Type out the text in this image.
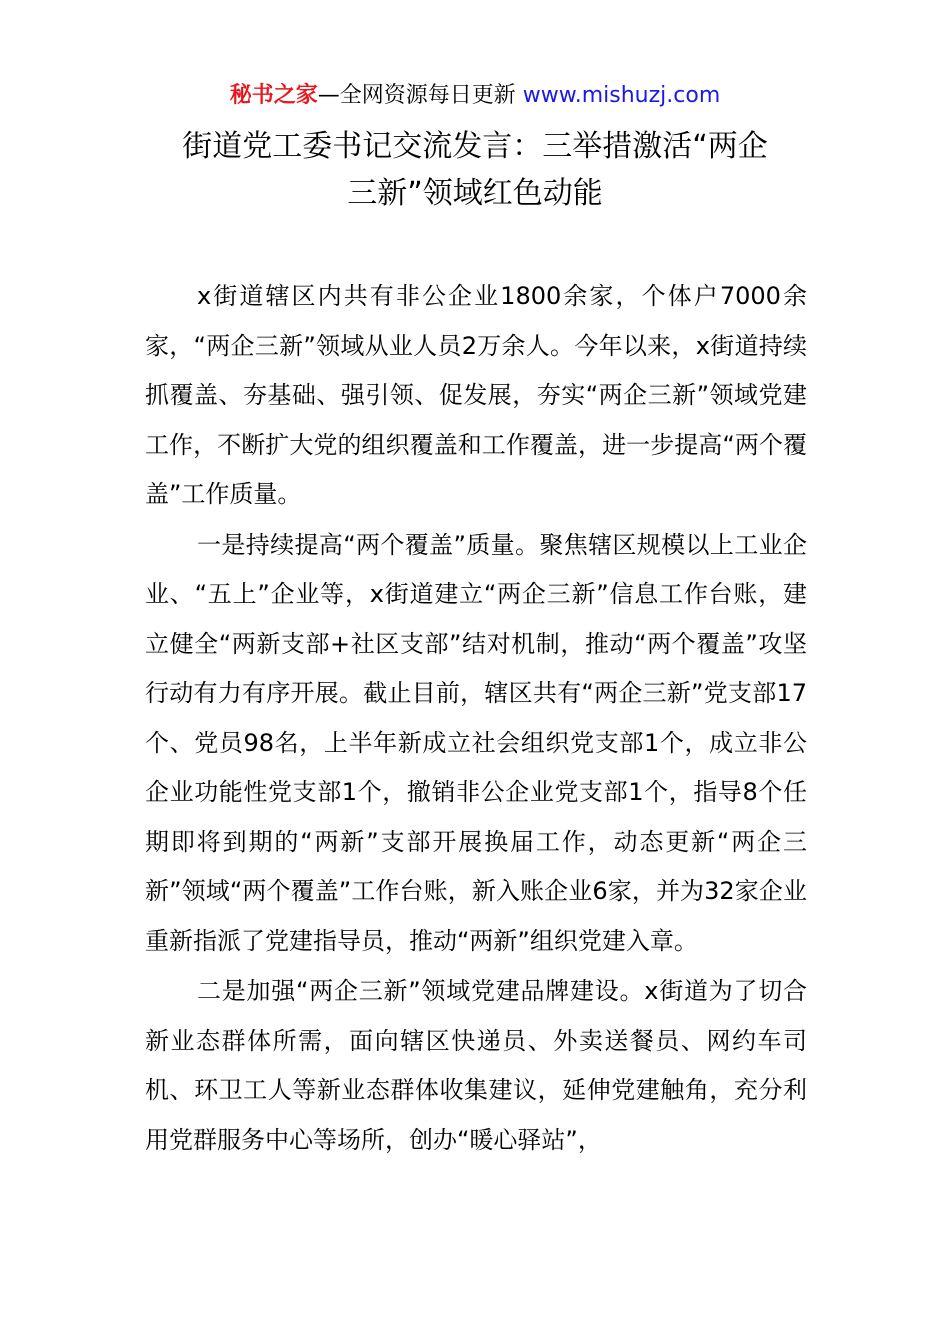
秘书之家—全网资源每日更新 www.mishuzj.com
街道党工委书记交流发言：三举措激活“两企
三新”领域红色动能

x街道辖区内共有非公企业1800余家，个体户7000余家，“两企三新”领域从业人员2万余人。今年以来，x街道持续抓覆盖、夯基础、强引领、促发展，夯实“两企三新”领域党建工作，不断扩大党的组织覆盖和工作覆盖，进一步提高“两个覆盖”工作质量。

一是持续提高“两个覆盖”质量。聚焦辖区规模以上工业企业、“五上”企业等，x街道建立“两企三新”信息工作台账，建立健全“两新支部+社区支部”结对机制，推动“两个覆盖”攻坚行动有力有序开展。截止目前，辖区共有“两企三新”党支部17个、党员98名，上半年新成立社会组织党支部1个，成立非公企业功能性党支部1个，撤销非公企业党支部1个，指导8个任期即将到期的“两新”支部开展换届工作，动态更新“两企三新”领域“两个覆盖”工作台账，新入账企业6家，并为32家企业重新指派了党建指导员，推动“两新”组织党建入章。

二是加强“两企三新”领域党建品牌建设。x街道为了切合新业态群体所需，面向辖区快递员、外卖送餐员、网约车司机、环卫工人等新业态群体收集建议，延伸党建触角，充分利用党群服务中心等场所，创办“暖心驿站”，
